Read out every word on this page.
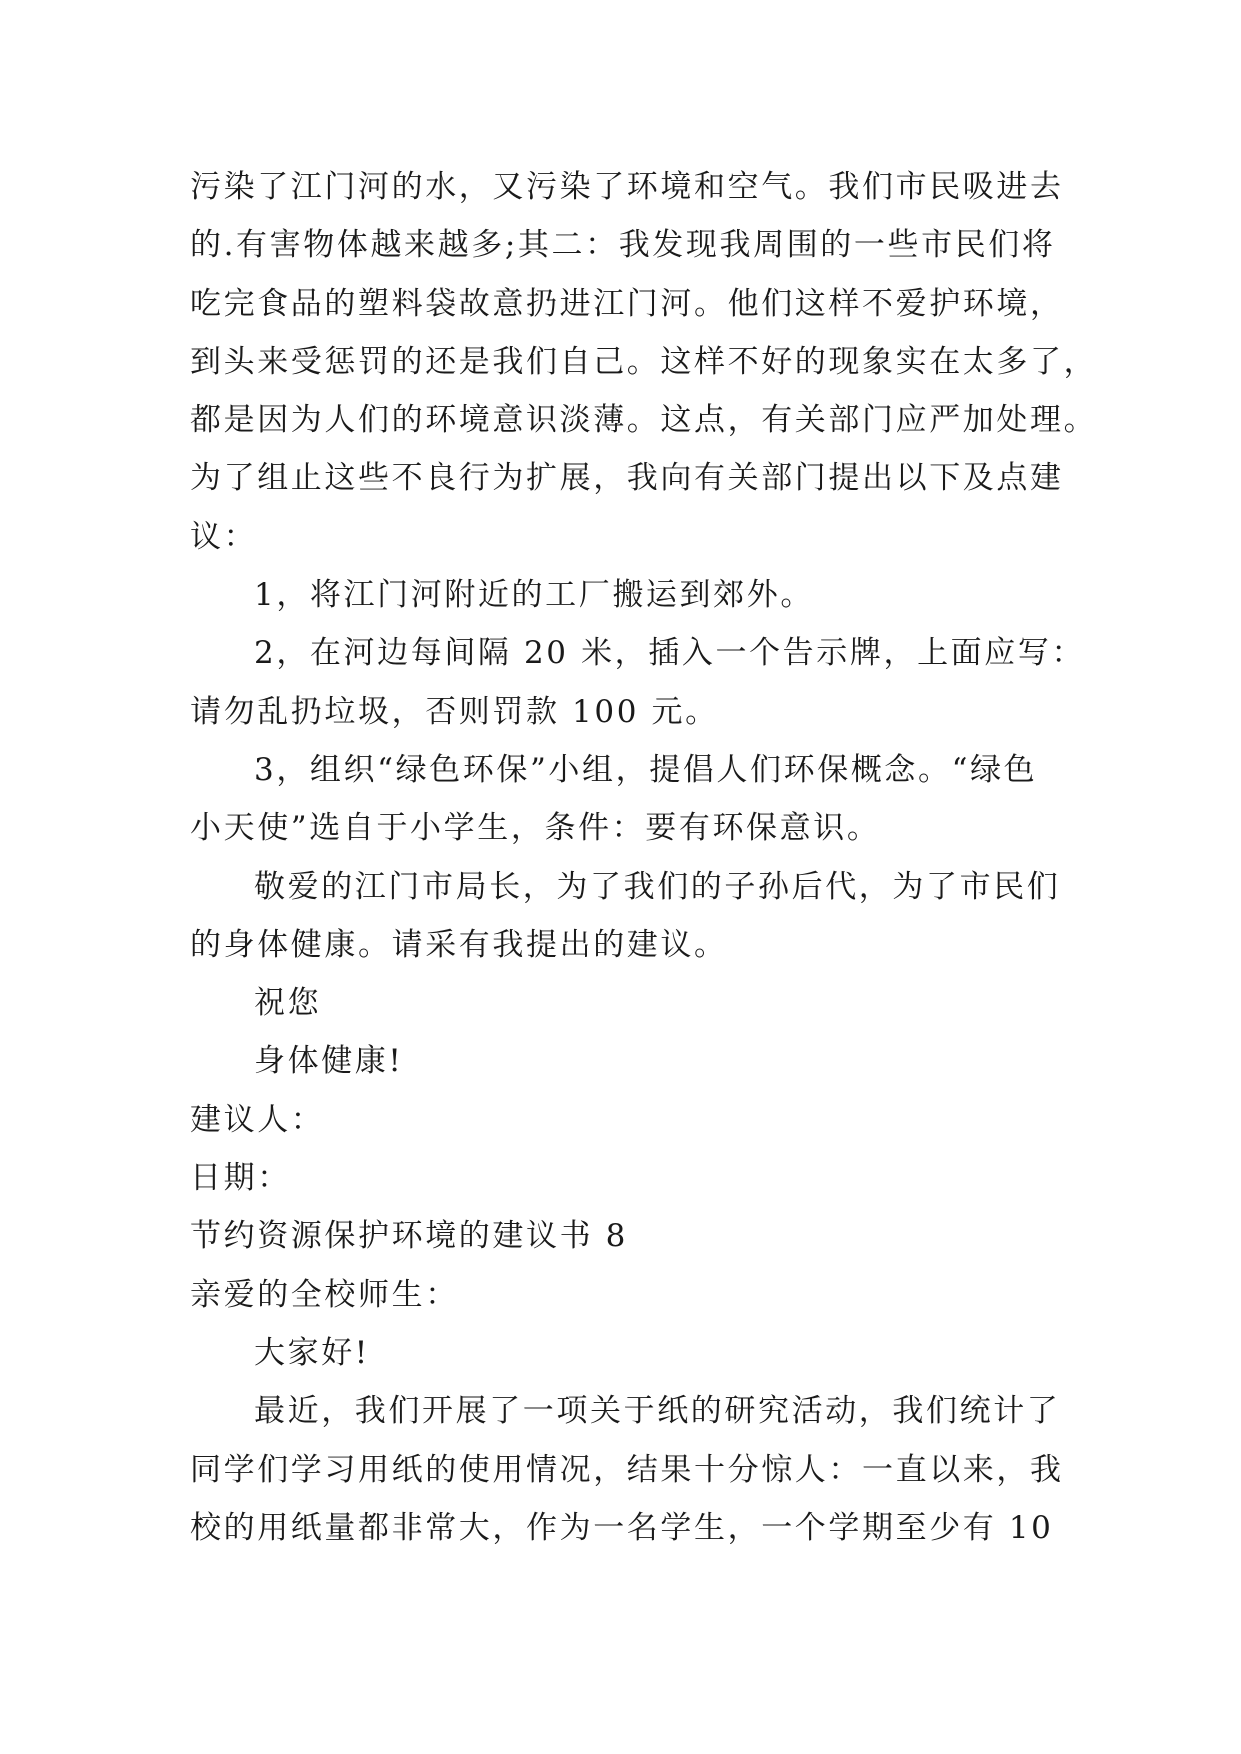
污染了江门河的水，又污染了环境和空气。我们市民吸进去
的.有害物体越来越多;其二：我发现我周围的一些市民们将
吃完食品的塑料袋故意扔进江门河。他们这样不爱护环境，
到头来受惩罚的还是我们自己。这样不好的现象实在太多了，
都是因为人们的环境意识淡薄。这点，有关部门应严加处理。
为了组止这些不良行为扩展，我向有关部门提出以下及点建
议：
1，将江门河附近的工厂搬运到郊外。
2，在河边每间隔 20 米，插入一个告示牌，上面应写：
请勿乱扔垃圾，否则罚款 100 元。
3，组织“绿色环保”小组，提倡人们环保概念。“绿色
小天使”选自于小学生，条件：要有环保意识。
敬爱的江门市局长，为了我们的子孙后代，为了市民们
的身体健康。请采有我提出的建议。
祝您
身体健康!
建议人：
日期：
节约资源保护环境的建议书 8
亲爱的全校师生：
大家好!
最近，我们开展了一项关于纸的研究活动，我们统计了
同学们学习用纸的使用情况，结果十分惊人：一直以来，我
校的用纸量都非常大，作为一名学生，一个学期至少有 10
